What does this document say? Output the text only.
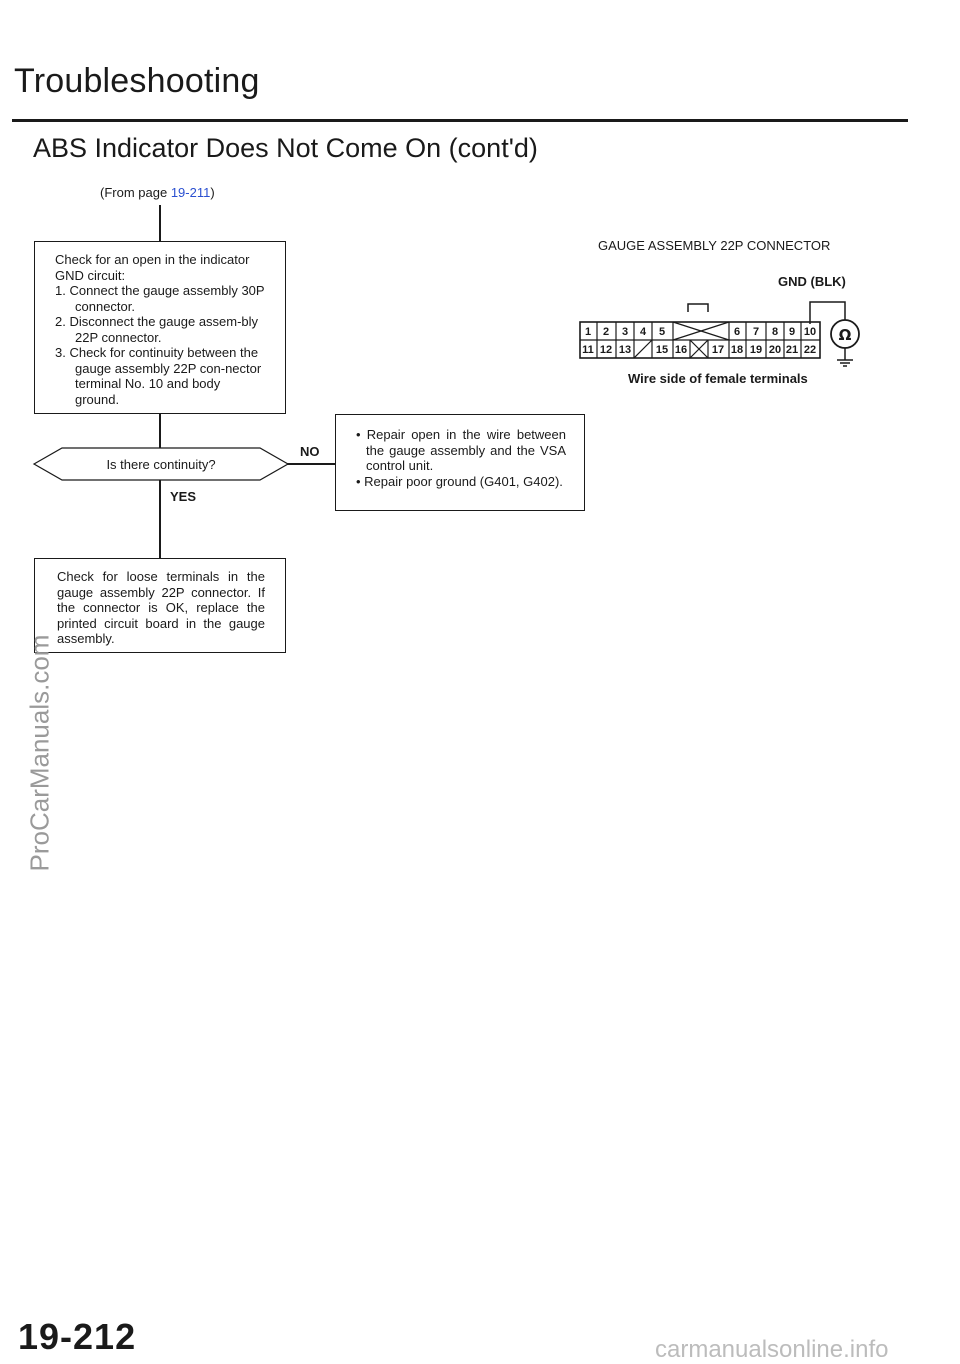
Troubleshooting
ABS Indicator Does Not Come On (cont'd)
(From page 19-211)

Check for an open in the indicator GND circuit:

1. Connect the gauge assembly 30P connector.

2. Disconnect the gauge assem-bly 22P connector.

3. Check for continuity between the gauge assembly 22P con-nector terminal No. 10 and body ground.

Is there continuity?
NO
YES

• Repair open in the wire between the gauge assembly and the VSA control unit.

• Repair poor ground (G401, G402).

Check for loose terminals in the gauge assembly 22P connector. If the connector is OK, replace the printed circuit board in the gauge assembly.

GAUGE ASSEMBLY 22P CONNECTOR
GND (BLK)
1 2 3 4 5	6 7 8 9 10
11 12 13 15 16 17 18 19 20 21 22
Ω
Wire side of female terminals
ProCarManuals.com
19-212	carmanualsonline.info
